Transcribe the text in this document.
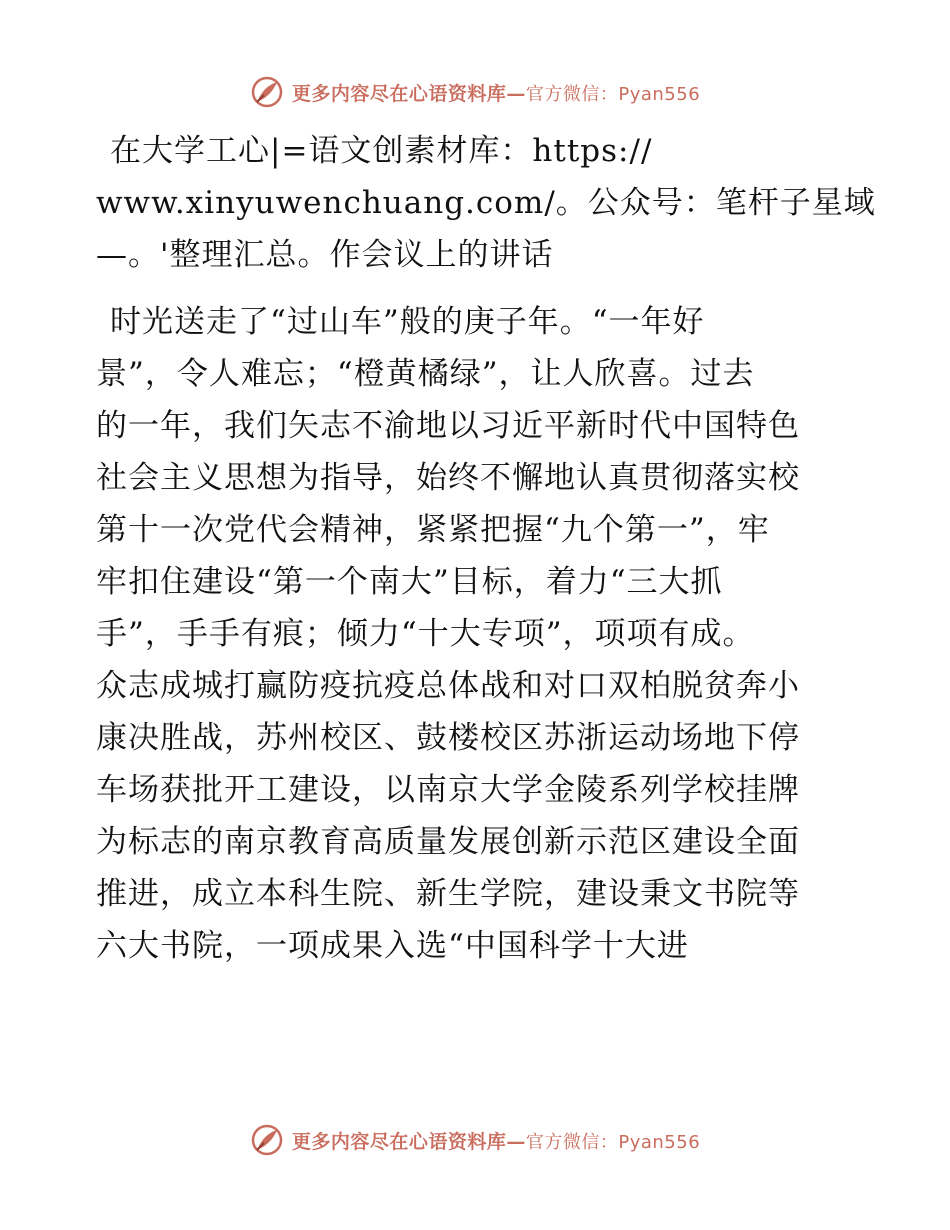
更多内容尽在心语资料库—官方微信：Pyan556
在大学工心|=语文创素材库：https://
www.xinyuwenchuang.com/。公众号：笔杆子星域
—。'整理汇总。作会议上的讲话
时光送走了“过山车”般的庚子年。“一年好
景”，令人难忘；“橙黄橘绿”，让人欣喜。过去
的一年，我们矢志不渝地以习近平新时代中国特色
社会主义思想为指导，始终不懈地认真贯彻落实校
第十一次党代会精神，紧紧把握“九个第一”，牢
牢扣住建设“第一个南大”目标，着力“三大抓
手”，手手有痕；倾力“十大专项”，项项有成。
众志成城打赢防疫抗疫总体战和对口双柏脱贫奔小
康决胜战，苏州校区、鼓楼校区苏浙运动场地下停
车场获批开工建设，以南京大学金陵系列学校挂牌
为标志的南京教育高质量发展创新示范区建设全面
推进，成立本科生院、新生学院，建设秉文书院等
六大书院，一项成果入选“中国科学十大进
更多内容尽在心语资料库—官方微信：Pyan556
